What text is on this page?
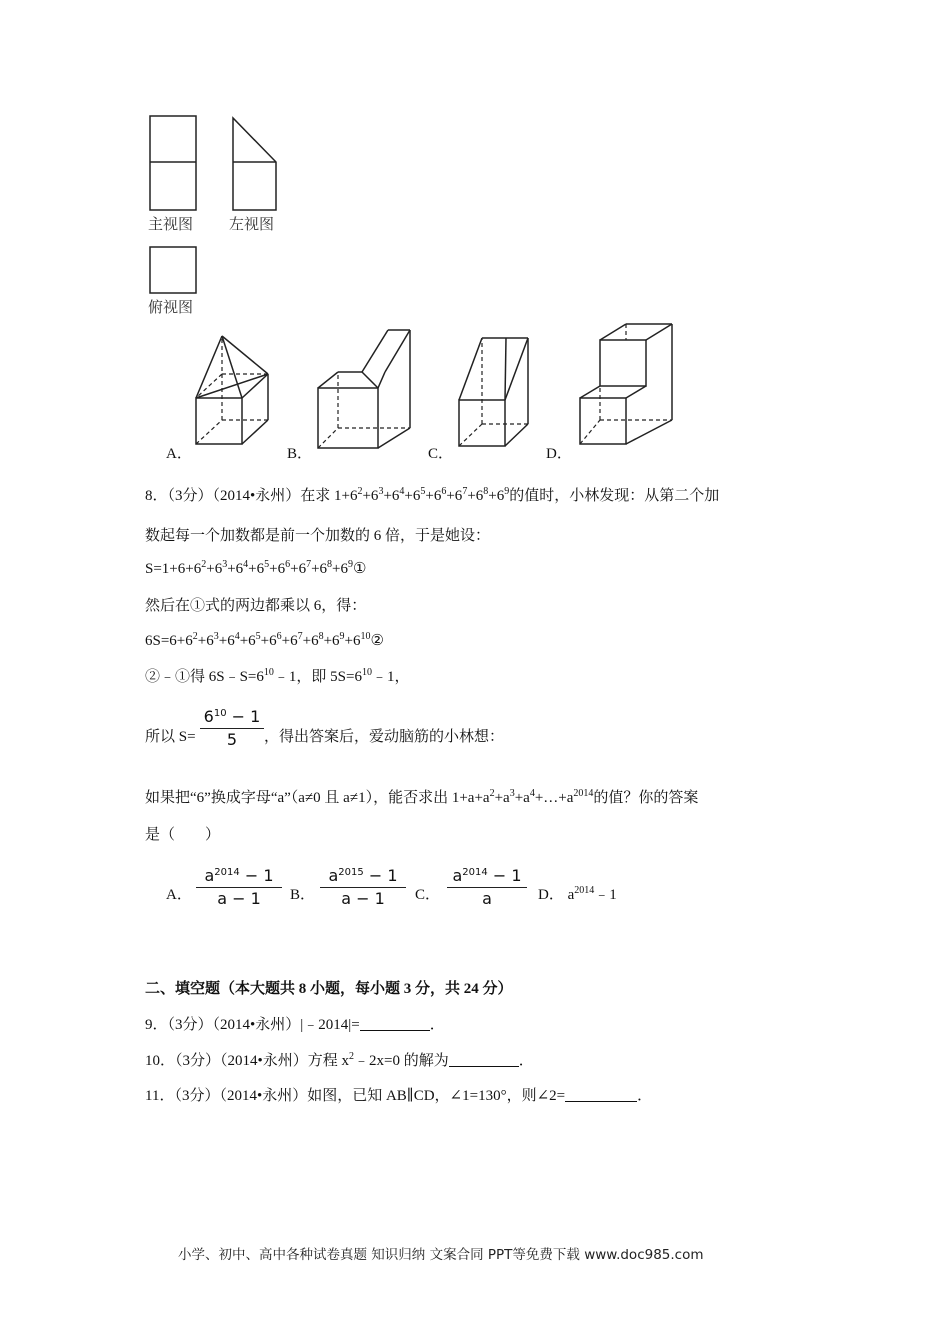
主视图 左视图
俯视图
A．	B．	C．	D．
8．（3分）（2014•永州）在求 $1+6^2+6^3+6^4+6^5+6^6+6^7+6^8+6^9$的值时，小林发现：从第二个加
数起每一个加数都是前一个加数的 6 倍，于是她设：
$S=1+6+6^2+6^3+6^4+6^5+6^6+6^7+6^8+6^9①$
然后在①式的两边都乘以 6，得：
$6S=6+6^2+6^3+6^4+6^5+6^6+6^7+6^8+6^9+6^{10}②$
②﹣①得 $6S﹣S=6^{10}﹣1$，即 $5S=6^{10}﹣1$，
所以 S=
$6^{10} - 1$
5	，得出答案后，爱动脑筋的小林想：
如果把“6”换成字母“a”（a≠0 且 a≠1），能否求出 $1+a+a^2+a^3+a^4+\dots+a^{2014}$的值？你的答案
是（　　）
A．
$a^{2014} - 1$
a − 1	B．
$a^{2015} - 1$
a − 1	C．
$a^{2014} - 1$
a	D． $a^{2014}﹣1$
二、填空题（本大题共 8 小题，每小题 3 分，共 24 分）
9．（3分）（2014•永州）|﹣2014|=	．
10．（3分）（2014•永州）方程 $x^2﹣2x=0$ 的解为	．
11．（3分）（2014•永州）如图，已知 AB∥CD，∠1=130°，则∠2=	．
小学、初中、高中各种试卷真题 知识归纳 文案合同 PPT等免费下载 www.doc985.com
